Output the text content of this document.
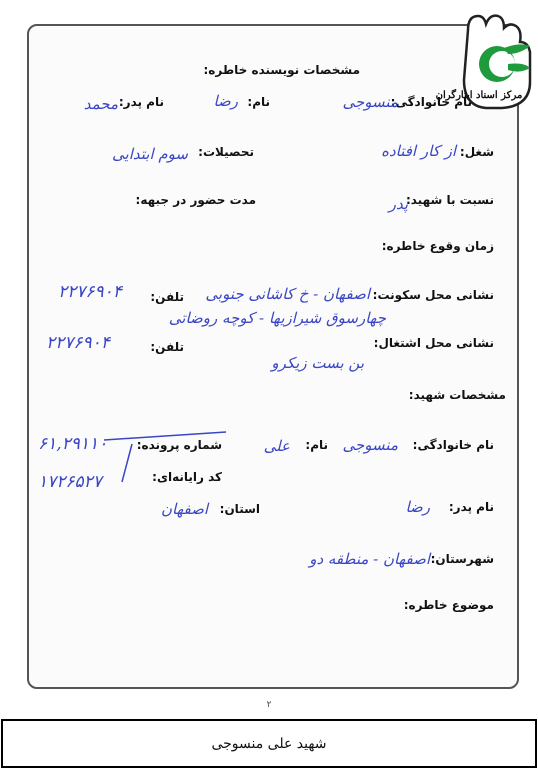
مرکز اسناد ایثارگران
مشخصات نویسنده خاطره:
نام خانوادگی:
منسوجی
نام:
رضا
نام پدر:
محمد
شغل:
از کار افتاده
تحصیلات:
سوم ابتدایی
نسبت با شهید:
پدر
مدت حضور در جبهه:
زمان وقوع خاطره:
نشانی محل سکونت:
اصفهان - خ کاشانی جنوبی
تلفن:
۲۲۷۶۹۰۴
چهارسوق شیرازیها - کوچه روضاتی
نشانی محل اشتغال:
تلفن:
۲۲۷۶۹۰۴
بن بست زیکرو
مشخصات شهید:
نام خانوادگی:
منسوجی
نام:
علی
شماره پرونده:
۶۱,۲۹۱۱۰
کد رایانه‌ای:
۱۷۲۶۵۲۷
نام پدر:
رضا
استان:
اصفهان
شهرستان:
اصفهان - منطقه دو
موضوع خاطره:
۲
شهید علی منسوجی
